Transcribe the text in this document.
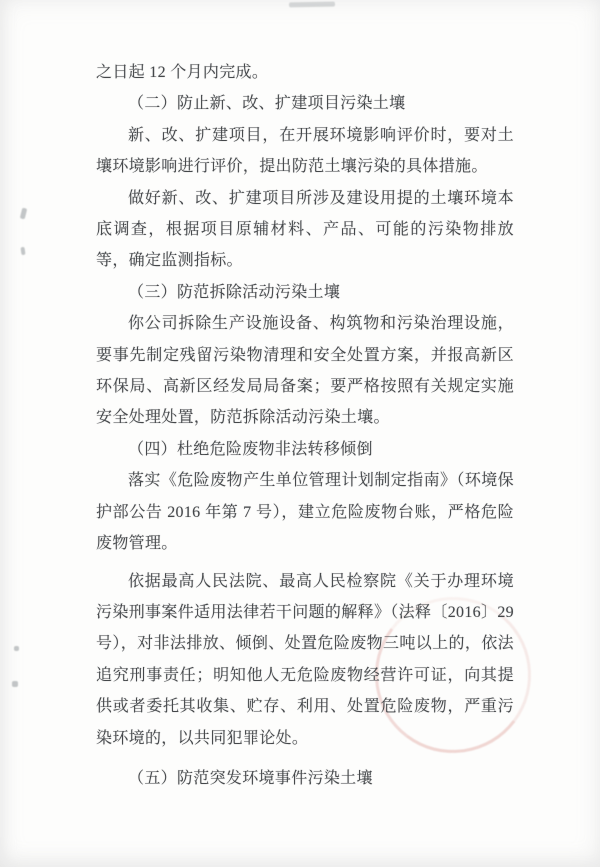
之日起 12 个月内完成。

（二）防止新、改、扩建项目污染土壤

新、改、扩建项目，在开展环境影响评价时，要对土壤环境影响进行评价，提出防范土壤污染的具体措施。

做好新、改、扩建项目所涉及建设用提的土壤环境本底调查，根据项目原辅材料、产品、可能的污染物排放等，确定监测指标。

（三）防范拆除活动污染土壤

你公司拆除生产设施设备、构筑物和污染治理设施，要事先制定残留污染物清理和安全处置方案，并报高新区环保局、高新区经发局局备案；要严格按照有关规定实施安全处理处置，防范拆除活动污染土壤。

（四）杜绝危险废物非法转移倾倒

落实《危险废物产生单位管理计划制定指南》（环境保护部公告 2016 年第 7 号），建立危险废物台账，严格危险废物管理。

依据最高人民法院、最高人民检察院《关于办理环境污染刑事案件适用法律若干问题的解释》（法释〔2016〕29 号），对非法排放、倾倒、处置危险废物三吨以上的，依法追究刑事责任；明知他人无危险废物经营许可证，向其提供或者委托其收集、贮存、利用、处置危险废物，严重污染环境的，以共同犯罪论处。

（五）防范突发环境事件污染土壤
